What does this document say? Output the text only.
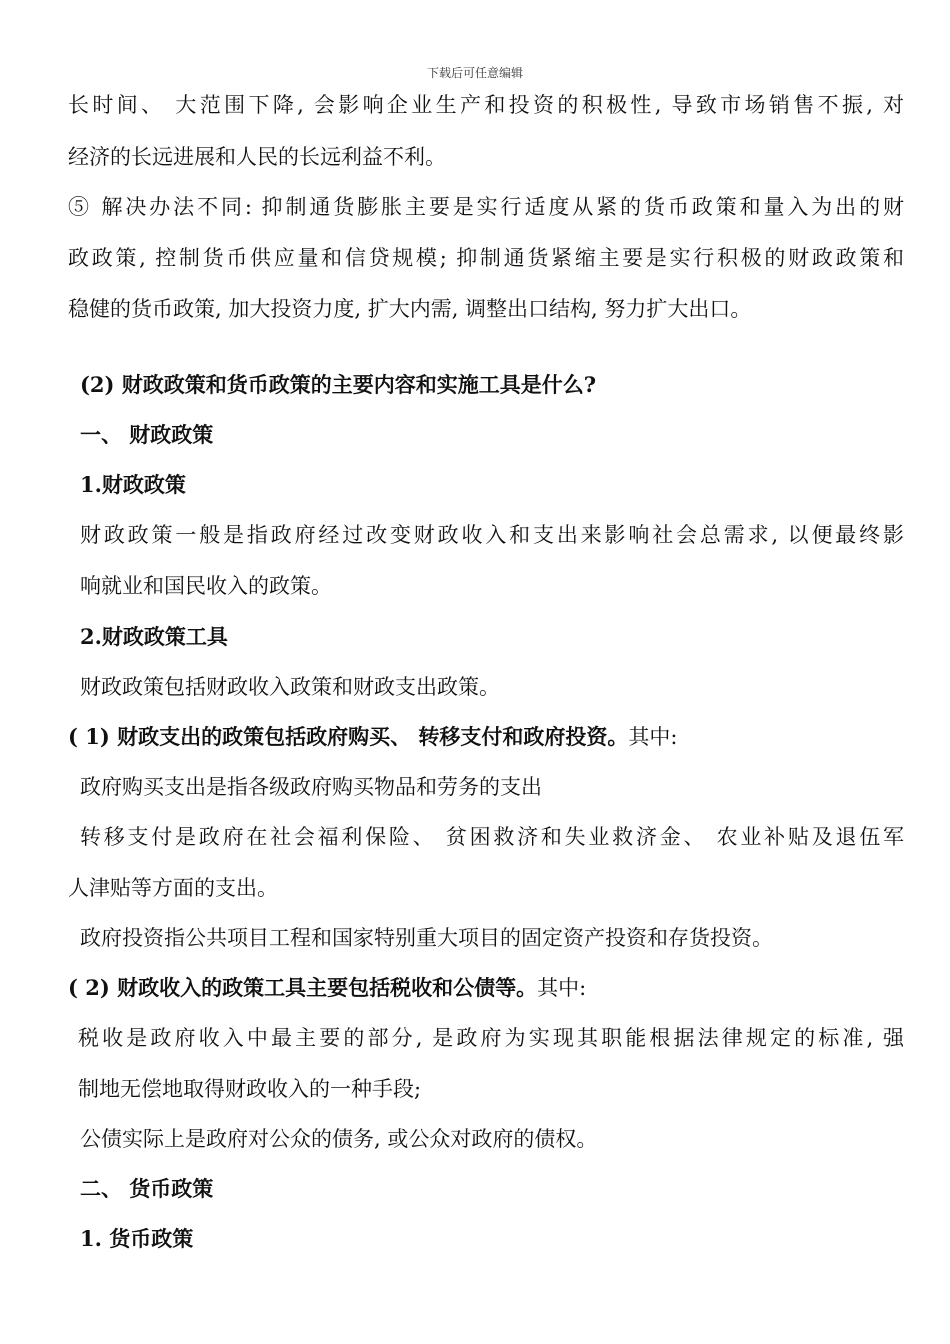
下载后可任意编辑
长时间、 大范围下降, 会影响企业生产和投资的积极性, 导致市场销售不振, 对
经济的长远进展和人民的长远利益不利。
⑤ 解决办法不同: 抑制通货膨胀主要是实行适度从紧的货币政策和量入为出的财
政政策, 控制货币供应量和信贷规模; 抑制通货紧缩主要是实行积极的财政政策和
稳健的货币政策, 加大投资力度, 扩大内需, 调整出口结构, 努力扩大出口。
(2) 财政政策和货币政策的主要内容和实施工具是什么?
一、 财政政策
1.财政政策
财政政策一般是指政府经过改变财政收入和支出来影响社会总需求, 以便最终影
响就业和国民收入的政策。
2.财政政策工具
财政政策包括财政收入政策和财政支出政策。
( 1) 财政支出的政策包括政府购买、 转移支付和政府投资。其中:
政府购买支出是指各级政府购买物品和劳务的支出
转移支付是政府在社会福利保险、 贫困救济和失业救济金、 农业补贴及退伍军
人津贴等方面的支出。
政府投资指公共项目工程和国家特别重大项目的固定资产投资和存货投资。
( 2) 财政收入的政策工具主要包括税收和公债等。其中:
税收是政府收入中最主要的部分, 是政府为实现其职能根据法律规定的标准, 强
制地无偿地取得财政收入的一种手段;
公债实际上是政府对公众的债务, 或公众对政府的债权。
二、 货币政策
1. 货币政策
